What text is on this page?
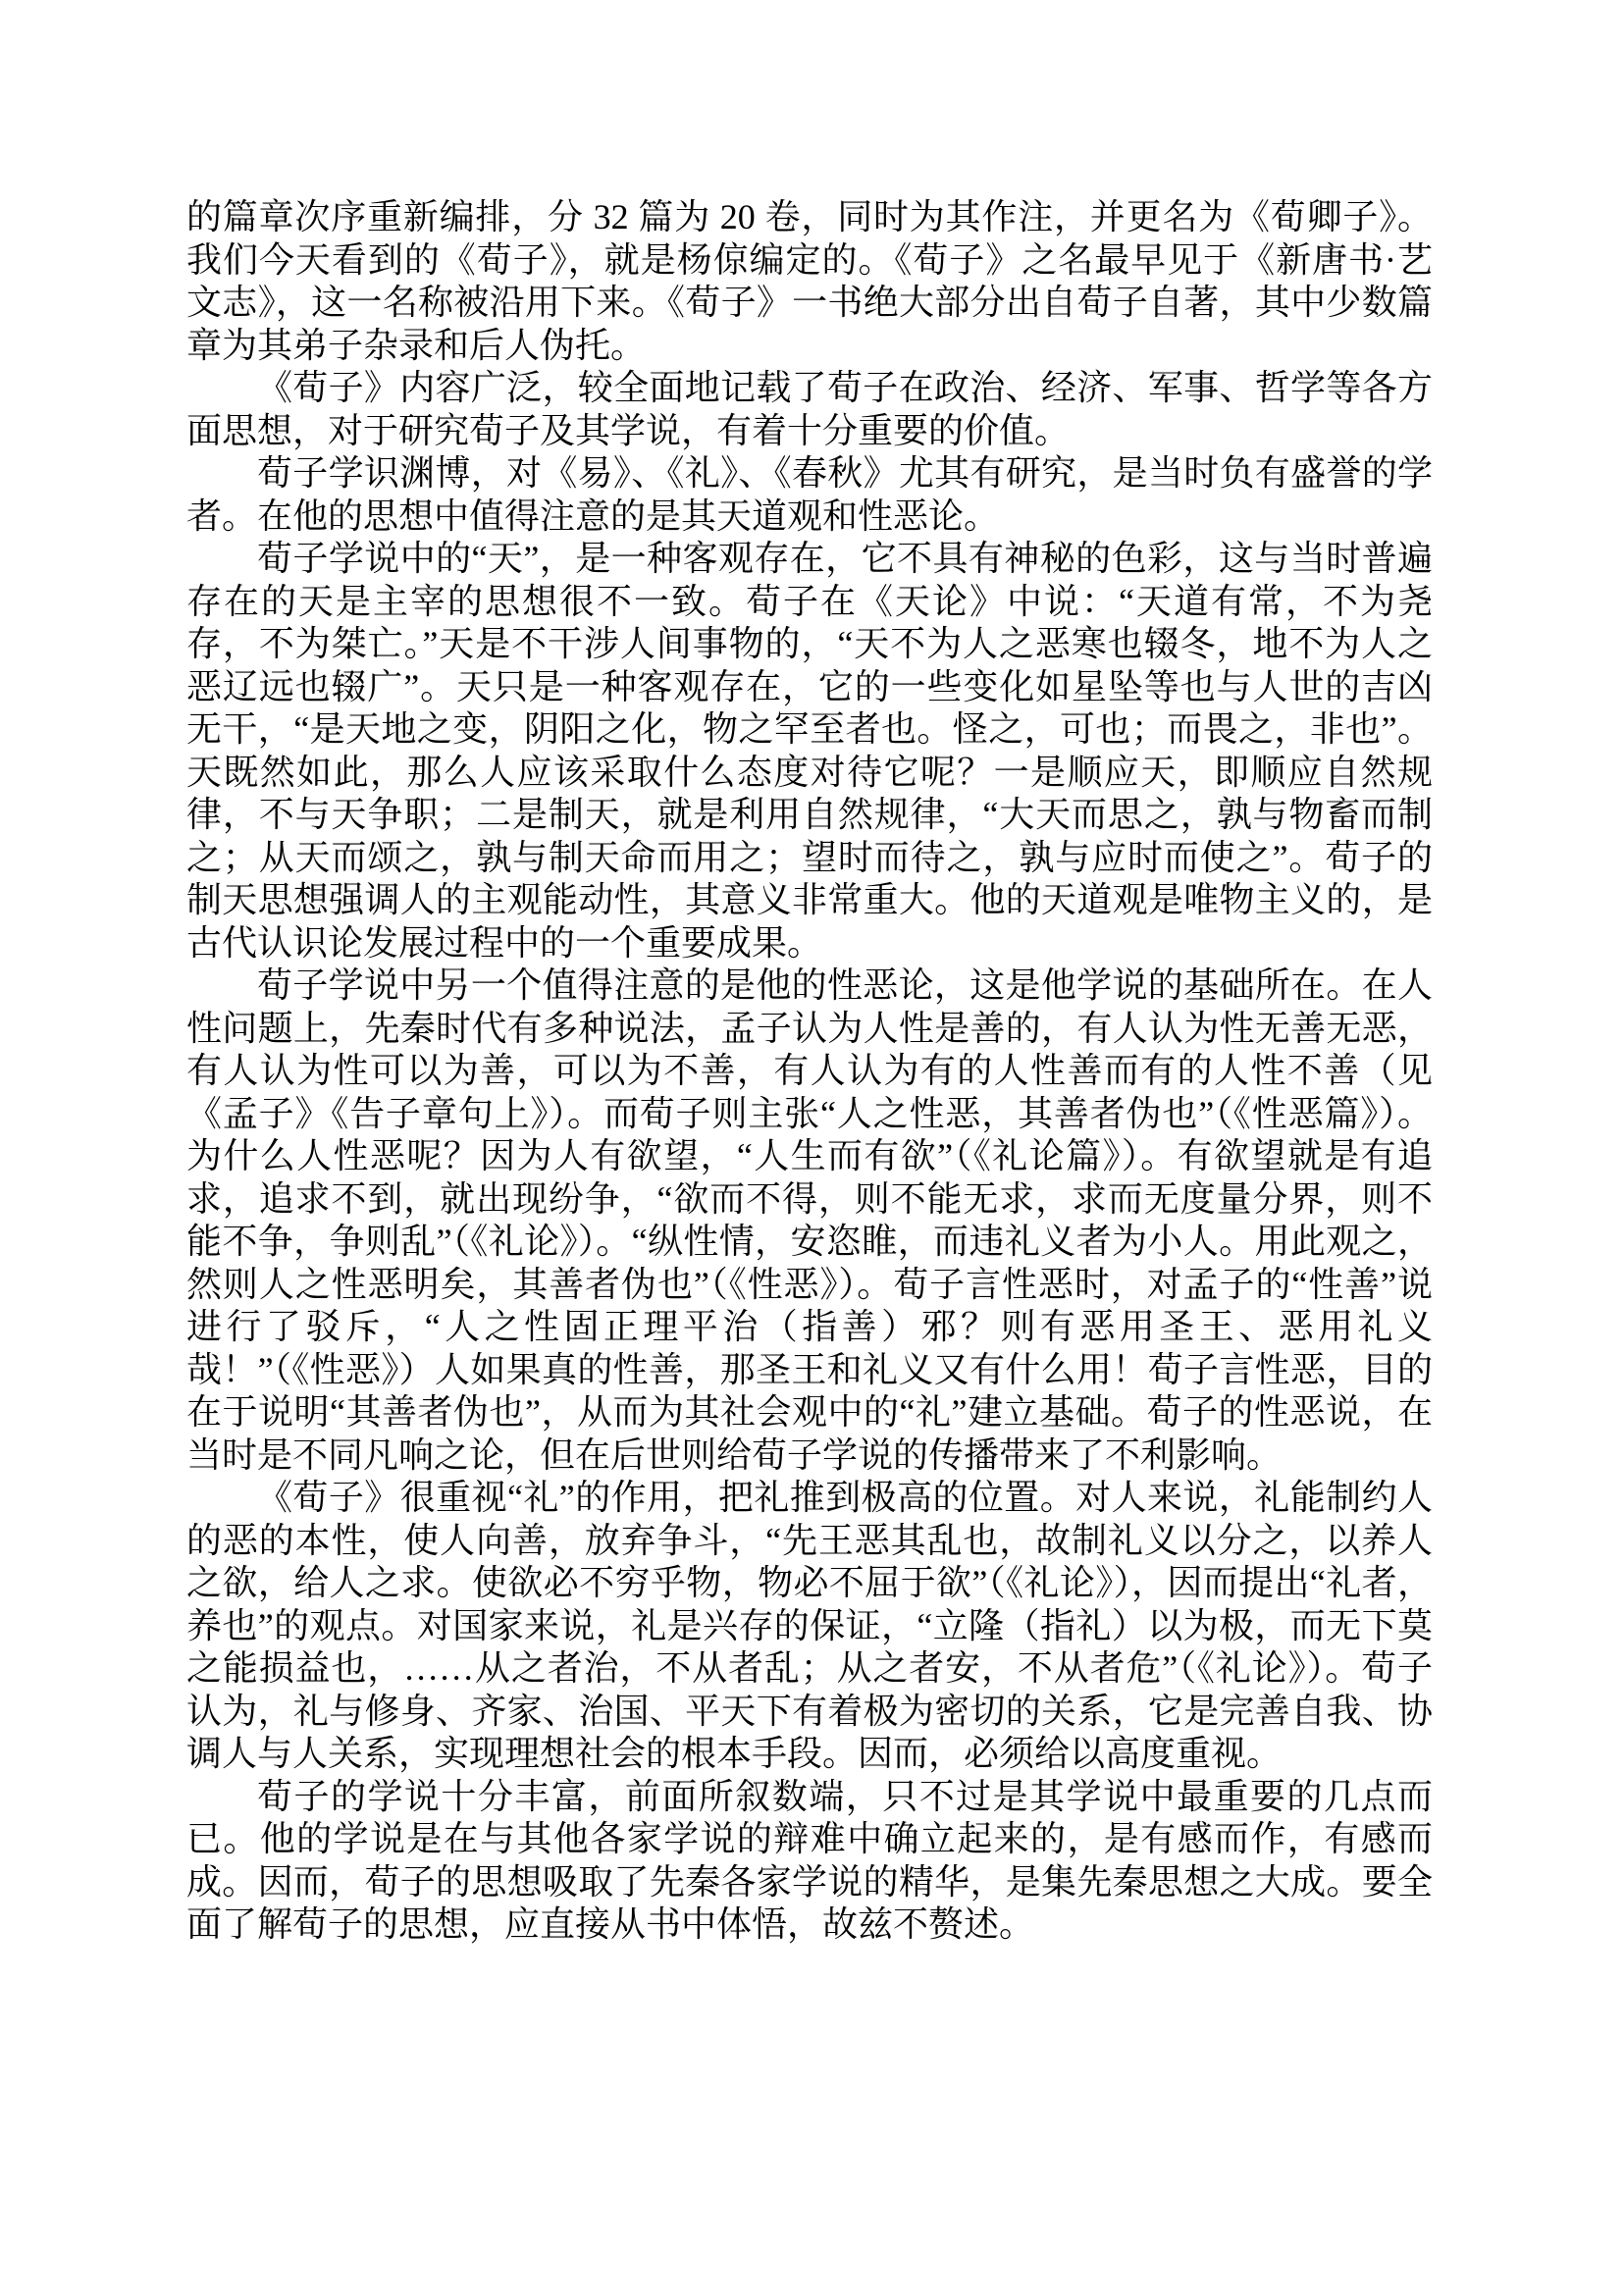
的篇章次序重新编排，分 32 篇为 20 卷，同时为其作注，并更名为《荀卿子》。我们今天看到的《荀子》，就是杨倞编定的。《荀子》之名最早见于《新唐书·艺文志》，这一名称被沿用下来。《荀子》一书绝大部分出自荀子自著，其中少数篇章为其弟子杂录和后人伪托。

《荀子》内容广泛，较全面地记载了荀子在政治、经济、军事、哲学等各方面思想，对于研究荀子及其学说，有着十分重要的价值。

荀子学识渊博，对《易》、《礼》、《春秋》尤其有研究，是当时负有盛誉的学者。在他的思想中值得注意的是其天道观和性恶论。

荀子学说中的“天”，是一种客观存在，它不具有神秘的色彩，这与当时普遍存在的天是主宰的思想很不一致。荀子在《天论》中说：“天道有常，不为尧存，不为桀亡。”天是不干涉人间事物的，“天不为人之恶寒也辍冬，地不为人之恶辽远也辍广”。天只是一种客观存在，它的一些变化如星坠等也与人世的吉凶无干，“是天地之变，阴阳之化，物之罕至者也。怪之，可也；而畏之，非也”。天既然如此，那么人应该采取什么态度对待它呢？一是顺应天，即顺应自然规律，不与天争职；二是制天，就是利用自然规律，“大天而思之，孰与物畜而制之；从天而颂之，孰与制天命而用之；望时而待之，孰与应时而使之”。荀子的制天思想强调人的主观能动性，其意义非常重大。他的天道观是唯物主义的，是古代认识论发展过程中的一个重要成果。

荀子学说中另一个值得注意的是他的性恶论，这是他学说的基础所在。在人性问题上，先秦时代有多种说法，孟子认为人性是善的，有人认为性无善无恶，有人认为性可以为善，可以为不善，有人认为有的人性善而有的人性不善（见《孟子》《告子章句上》）。而荀子则主张“人之性恶，其善者伪也”（《性恶篇》）。为什么人性恶呢？因为人有欲望，“人生而有欲”（《礼论篇》）。有欲望就是有追求，追求不到，就出现纷争，“欲而不得，则不能无求，求而无度量分界，则不能不争，争则乱”（《礼论》）。“纵性情，安恣睢，而违礼义者为小人。用此观之，然则人之性恶明矣，其善者伪也”（《性恶》）。荀子言性恶时，对孟子的“性善”说进行了驳斥，“人之性固正理平治（指善）邪？则有恶用圣王、恶用礼义哉！”（《性恶》）人如果真的性善，那圣王和礼义又有什么用！荀子言性恶，目的在于说明“其善者伪也”，从而为其社会观中的“礼”建立基础。荀子的性恶说，在当时是不同凡响之论，但在后世则给荀子学说的传播带来了不利影响。

《荀子》很重视“礼”的作用，把礼推到极高的位置。对人来说，礼能制约人的恶的本性，使人向善，放弃争斗，“先王恶其乱也，故制礼义以分之，以养人之欲，给人之求。使欲必不穷乎物，物必不屈于欲”（《礼论》），因而提出“礼者，养也”的观点。对国家来说，礼是兴存的保证，“立隆（指礼）以为极，而无下莫之能损益也，……从之者治，不从者乱；从之者安，不从者危”（《礼论》）。荀子认为，礼与修身、齐家、治国、平天下有着极为密切的关系，它是完善自我、协调人与人关系，实现理想社会的根本手段。因而，必须给以高度重视。

荀子的学说十分丰富，前面所叙数端，只不过是其学说中最重要的几点而已。他的学说是在与其他各家学说的辩难中确立起来的，是有感而作，有感而成。因而，荀子的思想吸取了先秦各家学说的精华，是集先秦思想之大成。要全面了解荀子的思想，应直接从书中体悟，故兹不赘述。
